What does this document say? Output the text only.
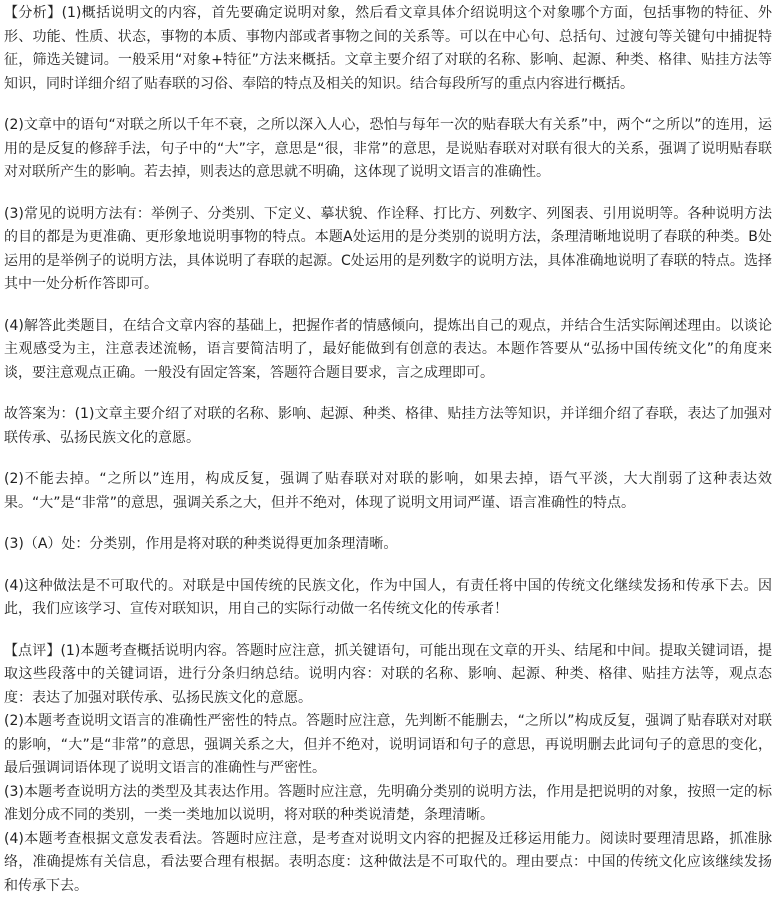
【分析】(1)概括说明文的内容，首先要确定说明对象，然后看文章具体介绍说明这个对象哪个方面，包括事物的特征、外形、功能、性质、状态，事物的本质、事物内部或者事物之间的关系等。可以在中心句、总括句、过渡句等关键句中捕捉特征，筛选关键词。一般采用“对象+特征”方法来概括。文章主要介绍了对联的名称、影响、起源、种类、格律、贴挂方法等知识，同时详细介绍了贴春联的习俗、奉陪的特点及相关的知识。结合每段所写的重点内容进行概括。

(2)文章中的语句“对联之所以千年不衰，之所以深入人心，恐怕与每年一次的贴春联大有关系”中，两个“之所以”的连用，运用的是反复的修辞手法，句子中的“大”字，意思是“很，非常”的意思，是说贴春联对对联有很大的关系，强调了说明贴春联对对联所产生的影响。若去掉，则表达的意思就不明确，这体现了说明文语言的准确性。

(3)常见的说明方法有：举例子、分类别、下定义、摹状貌、作诠释、打比方、列数字、列图表、引用说明等。各种说明方法的目的都是为更准确、更形象地说明事物的特点。本题A处运用的是分类别的说明方法，条理清晰地说明了春联的种类。B处运用的是举例子的说明方法，具体说明了春联的起源。C处运用的是列数字的说明方法，具体准确地说明了春联的特点。选择其中一处分析作答即可。

(4)解答此类题目，在结合文章内容的基础上，把握作者的情感倾向，提炼出自己的观点，并结合生活实际阐述理由。以谈论主观感受为主，注意表述流畅，语言要简洁明了，最好能做到有创意的表达。本题作答要从“弘扬中国传统文化”的角度来谈，要注意观点正确。一般没有固定答案，答题符合题目要求，言之成理即可。

故答案为：(1)文章主要介绍了对联的名称、影响、起源、种类、格律、贴挂方法等知识，并详细介绍了春联，表达了加强对联传承、弘扬民族文化的意愿。

(2)不能去掉。“之所以”连用，构成反复，强调了贴春联对对联的影响，如果去掉，语气平淡，大大削弱了这种表达效果。“大”是“非常”的意思，强调关系之大，但并不绝对，体现了说明文用词严谨、语言准确性的特点。

(3)（A）处：分类别，作用是将对联的种类说得更加条理清晰。

(4)这种做法是不可取代的。对联是中国传统的民族文化，作为中国人，有责任将中国的传统文化继续发扬和传承下去。因此，我们应该学习、宣传对联知识，用自己的实际行动做一名传统文化的传承者！

【点评】(1)本题考查概括说明内容。答题时应注意，抓关键语句，可能出现在文章的开头、结尾和中间。提取关键词语，提取这些段落中的关键词语，进行分条归纳总结。说明内容：对联的名称、影响、起源、种类、格律、贴挂方法等，观点态度：表达了加强对联传承、弘扬民族文化的意愿。

(2)本题考查说明文语言的准确性严密性的特点。答题时应注意，先判断不能删去，“之所以”构成反复，强调了贴春联对对联的影响，“大”是“非常”的意思，强调关系之大，但并不绝对，说明词语和句子的意思，再说明删去此词句子的意思的变化，最后强调词语体现了说明文语言的准确性与严密性。

(3)本题考查说明方法的类型及其表达作用。答题时应注意，先明确分类别的说明方法，作用是把说明的对象，按照一定的标准划分成不同的类别，一类一类地加以说明，将对联的种类说清楚，条理清晰。

(4)本题考查根据文意发表看法。答题时应注意，是考查对说明文内容的把握及迁移运用能力。阅读时要理清思路，抓准脉络，准确提炼有关信息，看法要合理有根据。表明态度：这种做法是不可取代的。理由要点：中国的传统文化应该继续发扬和传承下去。
